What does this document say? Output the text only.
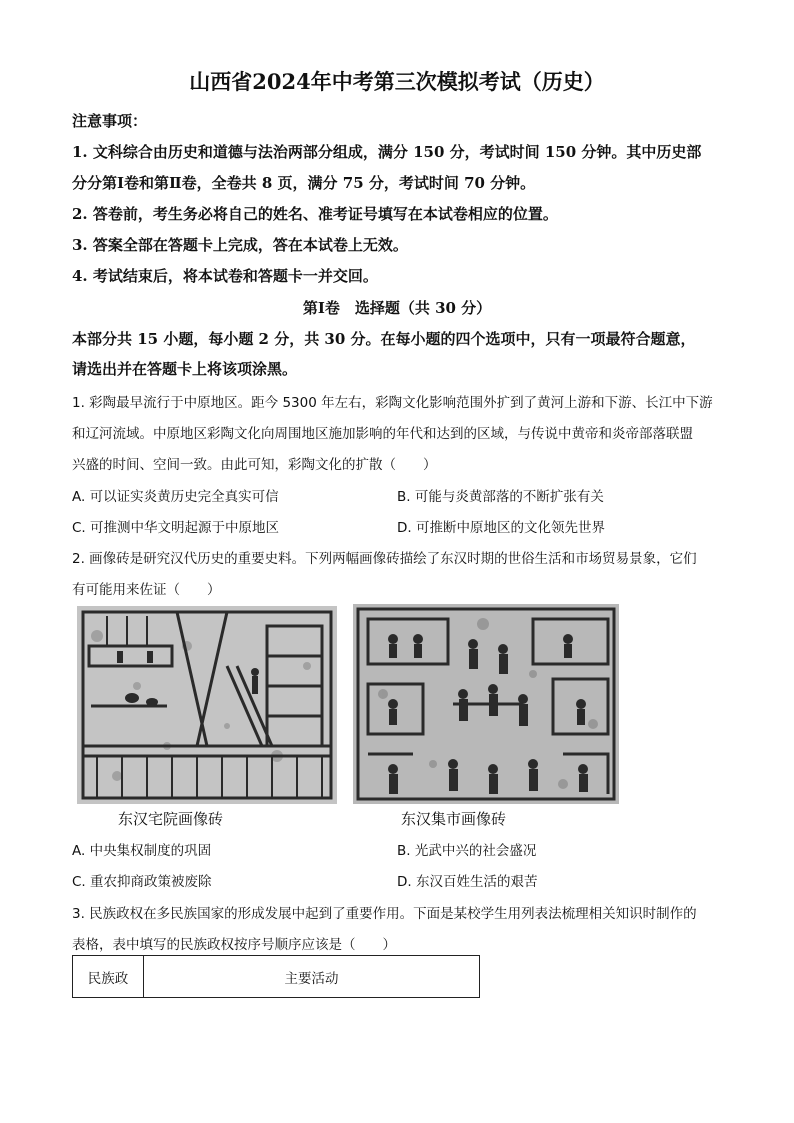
山西省2024年中考第三次模拟考试（历史）
注意事项：
1. 文科综合由历史和道德与法治两部分组成，满分 150 分，考试时间 150 分钟。其中历史部
分分第Ⅰ卷和第Ⅱ卷，全卷共 8 页，满分 75 分，考试时间 70 分钟。
2. 答卷前，考生务必将自己的姓名、准考证号填写在本试卷相应的位置。
3. 答案全部在答题卡上完成，答在本试卷上无效。
4. 考试结束后，将本试卷和答题卡一并交回。
第Ⅰ卷　选择题（共 30 分）
本部分共 15 小题，每小题 2 分，共 30 分。在每小题的四个选项中，只有一项最符合题意，
请选出并在答题卡上将该项涂黑。
1. 彩陶最早流行于中原地区。距今 5300 年左右，彩陶文化影响范围外扩到了黄河上游和下游、长江中下游
和辽河流域。中原地区彩陶文化向周围地区施加影响的年代和达到的区域，与传说中黄帝和炎帝部落联盟
兴盛的时间、空间一致。由此可知，彩陶文化的扩散（　　）
A. 可以证实炎黄历史完全真实可信	B. 可能与炎黄部落的不断扩张有关
C. 可推测中华文明起源于中原地区	D. 可推断中原地区的文化领先世界
2. 画像砖是研究汉代历史的重要史料。下列两幅画像砖描绘了东汉时期的世俗生活和市场贸易景象，它们
有可能用来佐证（　　）
东汉宅院画像砖	东汉集市画像砖
A. 中央集权制度的巩固	B. 光武中兴的社会盛况
C. 重农抑商政策被废除	D. 东汉百姓生活的艰苦
3. 民族政权在多民族国家的形成发展中起到了重要作用。下面是某校学生用列表法梳理相关知识时制作的
表格，表中填写的民族政权按序号顺序应该是（　　）
民族政	主要活动
